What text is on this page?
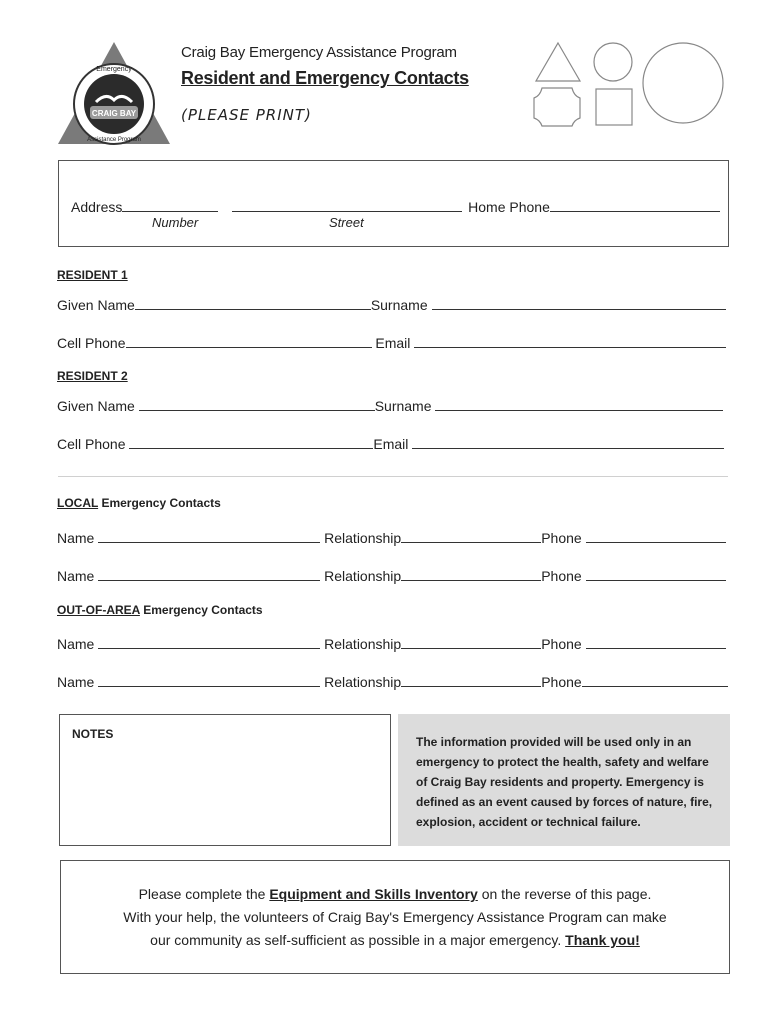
CRAIG BAY
Emergency
Assistance Program
Craig Bay Emergency Assistance Program
Resident and Emergency Contacts
(PLEASE PRINT)
Address	Home Phone
Number	Street
RESIDENT 1
Given Name	Surname
Cell Phone	Email
RESIDENT 2
Given Name	Surname
Cell Phone	Email
LOCAL Emergency Contacts
Name	Relationship	Phone
Name	Relationship	Phone
OUT-OF-AREA Emergency Contacts
Name	Relationship	Phone
Name	Relationship	Phone
NOTES
The information provided will be used only in an
emergency to protect the health, safety and welfare
of Craig Bay residents and property. Emergency is
defined as an event caused by forces of nature, fire,
explosion, accident or technical failure.
Please complete the Equipment and Skills Inventory on the reverse of this page.
With your help, the volunteers of Craig Bay's Emergency Assistance Program can make
our community as self-sufficient as possible in a major emergency. Thank you!
